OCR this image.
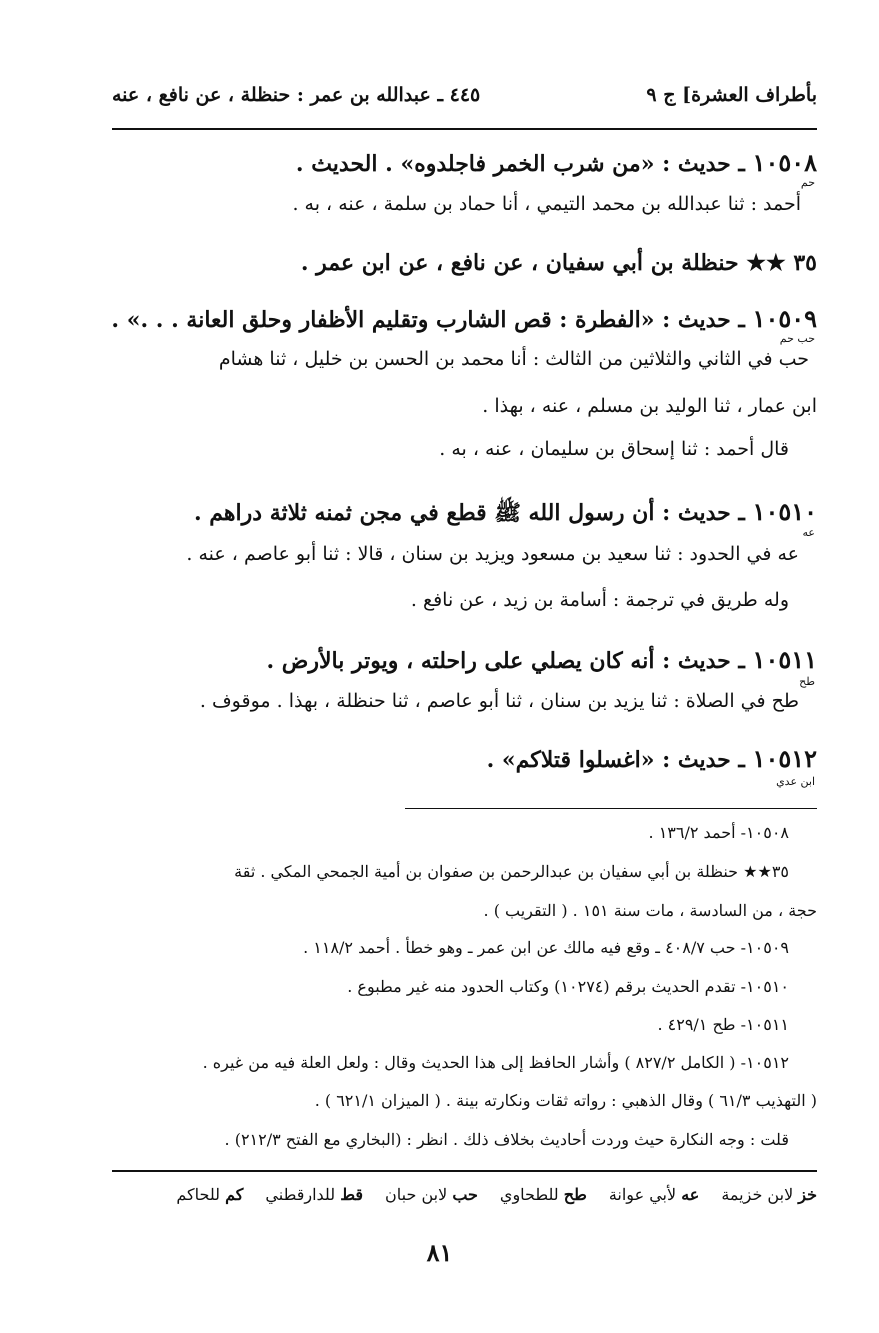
بأطراف العشرة] ج ٩
٤٤٥ ـ عبدالله بن عمر : حنظلة ، عن نافع ، عنه
١٠٥٠٨ ـ حديث : «من شرب الخمر فاجلدوه» . الحديث .
حم
أحمد : ثنا عبدالله بن محمد التيمي ، أنا حماد بن سلمة ، عنه ، به .
٣٥ ★★ حنظلة بن أبي سفيان ، عن نافع ، عن ابن عمر .
١٠٥٠٩ ـ حديث : «الفطرة : قص الشارب وتقليم الأظفار وحلق العانة . . .» .
حب حم
حب في الثاني والثلاثين من الثالث : أنا محمد بن الحسن بن خليل ، ثنا هشام
ابن عمار ، ثنا الوليد بن مسلم ، عنه ، بهذا .
قال أحمد : ثنا إسحاق بن سليمان ، عنه ، به .
١٠٥١٠ ـ حديث : أن رسول الله ﷺ قطع في مجن ثمنه ثلاثة دراهم .
عه
عه في الحدود : ثنا سعيد بن مسعود ويزيد بن سنان ، قالا : ثنا أبو عاصم ، عنه .
وله طريق في ترجمة : أسامة بن زيد ، عن نافع .
١٠٥١١ ـ حديث : أنه كان يصلي على راحلته ، ويوتر بالأرض .
طح
طح في الصلاة : ثنا يزيد بن سنان ، ثنا أبو عاصم ، ثنا حنظلة ، بهذا . موقوف .
١٠٥١٢ ـ حديث : «اغسلوا قتلاكم» .
ابن عدي
١٠٥٠٨- أحمد ١٣٦/٢ .
٣٥★★ حنظلة بن أبي سفيان بن عبدالرحمن بن صفوان بن أمية الجمحي المكي . ثقة
حجة ، من السادسة ، مات سنة ١٥١ . ( التقريب ) .
١٠٥٠٩- حب ٤٠٨/٧ ـ وقع فيه مالك عن ابن عمر ـ وهو خطأ . أحمد ١١٨/٢ .
١٠٥١٠- تقدم الحديث برقم (١٠٢٧٤) وكتاب الحدود منه غير مطبوع .
١٠٥١١- طح ٤٢٩/١ .
١٠٥١٢- ( الكامل ٨٢٧/٢ ) وأشار الحافظ إلى هذا الحديث وقال : ولعل العلة فيه من غيره .
( التهذيب ٦١/٣ ) وقال الذهبي : رواته ثقات ونكارته بينة . ( الميزان ٦٢١/١ ) .
قلت : وجه النكارة حيث وردت أحاديث بخلاف ذلك . انظر : (البخاري مع الفتح ٢١٢/٣) .
خز لابن خزيمة
عه لأبي عوانة
طح للطحاوي
حب لابن حبان
قط للدارقطني
كم للحاكم
٨١
